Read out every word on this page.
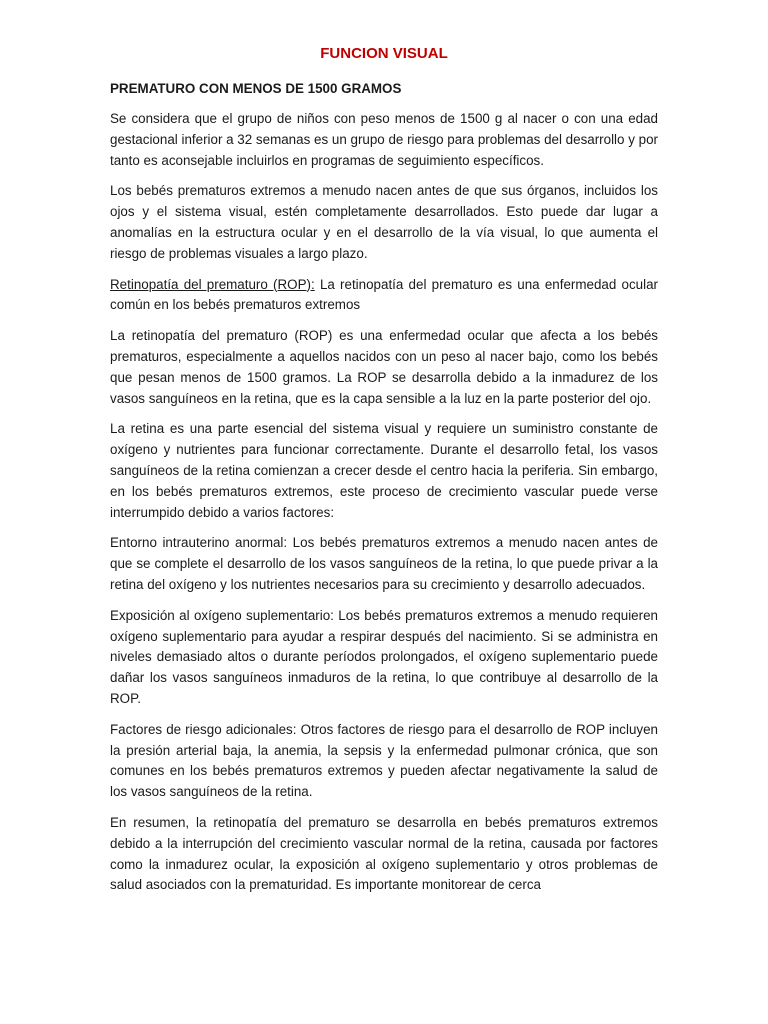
FUNCION VISUAL
PREMATURO CON MENOS DE 1500 GRAMOS

Se considera que el grupo de niños con peso menos de 1500 g al nacer o con una edad gestacional inferior a 32 semanas es un grupo de riesgo para problemas del desarrollo y por tanto es aconsejable incluirlos en programas de seguimiento específicos.

Los bebés prematuros extremos a menudo nacen antes de que sus órganos, incluidos los ojos y el sistema visual, estén completamente desarrollados. Esto puede dar lugar a anomalías en la estructura ocular y en el desarrollo de la vía visual, lo que aumenta el riesgo de problemas visuales a largo plazo.

Retinopatía del prematuro (ROP): La retinopatía del prematuro es una enfermedad ocular común en los bebés prematuros extremos

La retinopatía del prematuro (ROP) es una enfermedad ocular que afecta a los bebés prematuros, especialmente a aquellos nacidos con un peso al nacer bajo, como los bebés que pesan menos de 1500 gramos. La ROP se desarrolla debido a la inmadurez de los vasos sanguíneos en la retina, que es la capa sensible a la luz en la parte posterior del ojo.

La retina es una parte esencial del sistema visual y requiere un suministro constante de oxígeno y nutrientes para funcionar correctamente. Durante el desarrollo fetal, los vasos sanguíneos de la retina comienzan a crecer desde el centro hacia la periferia. Sin embargo, en los bebés prematuros extremos, este proceso de crecimiento vascular puede verse interrumpido debido a varios factores:

Entorno intrauterino anormal: Los bebés prematuros extremos a menudo nacen antes de que se complete el desarrollo de los vasos sanguíneos de la retina, lo que puede privar a la retina del oxígeno y los nutrientes necesarios para su crecimiento y desarrollo adecuados.

Exposición al oxígeno suplementario: Los bebés prematuros extremos a menudo requieren oxígeno suplementario para ayudar a respirar después del nacimiento. Si se administra en niveles demasiado altos o durante períodos prolongados, el oxígeno suplementario puede dañar los vasos sanguíneos inmaduros de la retina, lo que contribuye al desarrollo de la ROP.

Factores de riesgo adicionales: Otros factores de riesgo para el desarrollo de ROP incluyen la presión arterial baja, la anemia, la sepsis y la enfermedad pulmonar crónica, que son comunes en los bebés prematuros extremos y pueden afectar negativamente la salud de los vasos sanguíneos de la retina.

En resumen, la retinopatía del prematuro se desarrolla en bebés prematuros extremos debido a la interrupción del crecimiento vascular normal de la retina, causada por factores como la inmadurez ocular, la exposición al oxígeno suplementario y otros problemas de salud asociados con la prematuridad. Es importante monitorear de cerca
